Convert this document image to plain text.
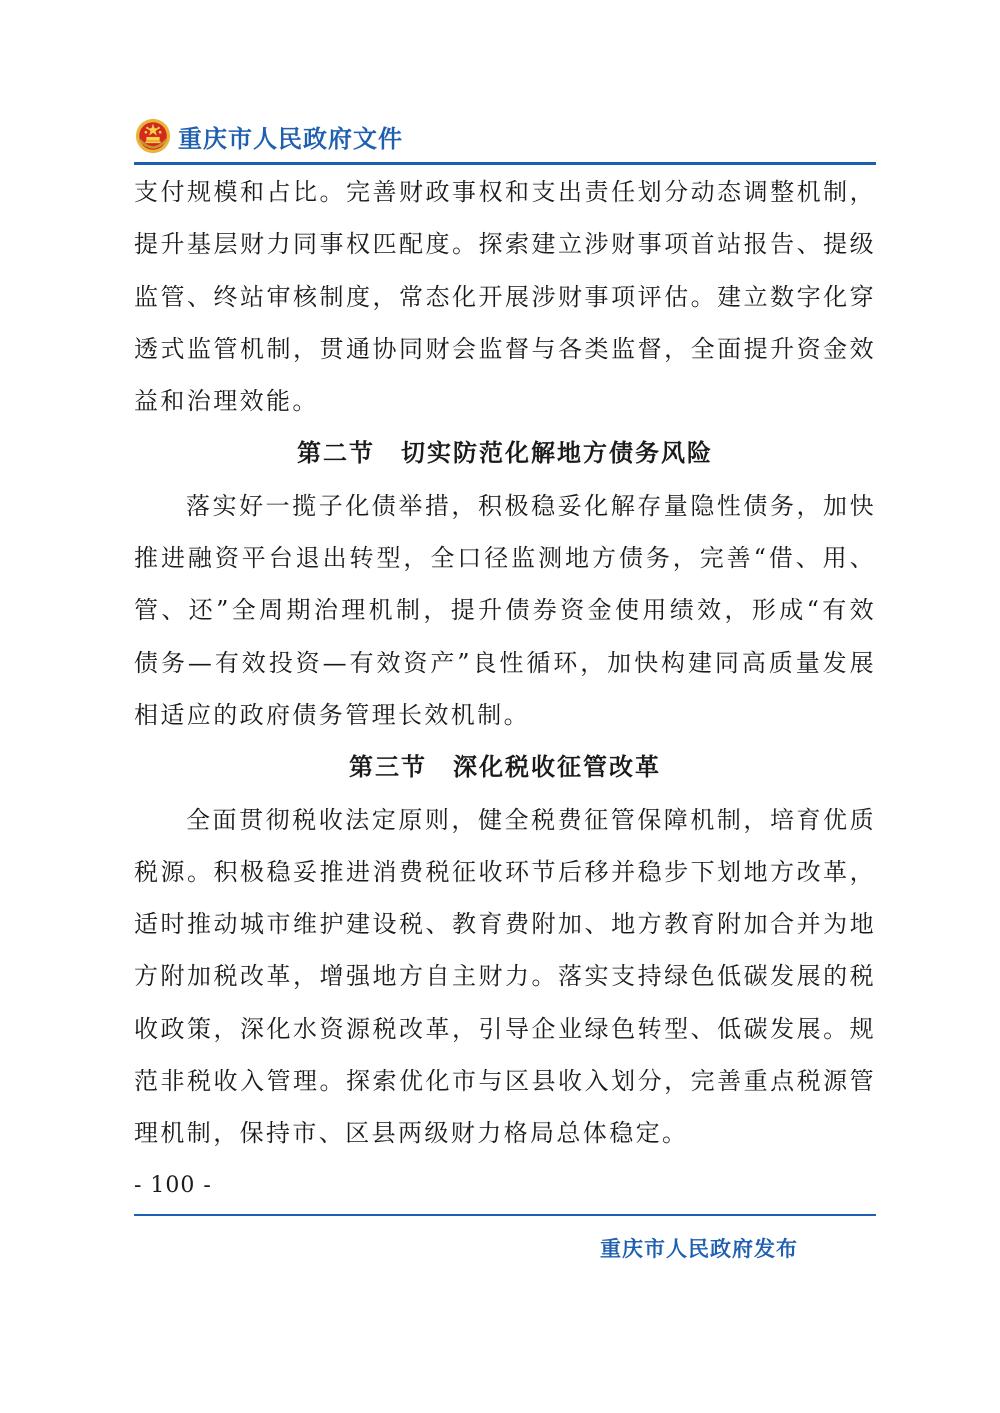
重庆市人民政府文件

支付规模和占比。完善财政事权和支出责任划分动态调整机制，提升基层财力同事权匹配度。探索建立涉财事项首站报告、提级监管、终站审核制度，常态化开展涉财事项评估。建立数字化穿透式监管机制，贯通协同财会监督与各类监督，全面提升资金效益和治理效能。

第二节　切实防范化解地方债务风险

落实好一揽子化债举措，积极稳妥化解存量隐性债务，加快推进融资平台退出转型，全口径监测地方债务，完善“借、用、管、还”全周期治理机制，提升债券资金使用绩效，形成“有效债务—有效投资—有效资产”良性循环，加快构建同高质量发展相适应的政府债务管理长效机制。

第三节　深化税收征管改革

全面贯彻税收法定原则，健全税费征管保障机制，培育优质税源。积极稳妥推进消费税征收环节后移并稳步下划地方改革，适时推动城市维护建设税、教育费附加、地方教育附加合并为地方附加税改革，增强地方自主财力。落实支持绿色低碳发展的税收政策，深化水资源税改革，引导企业绿色转型、低碳发展。规范非税收入管理。探索优化市与区县收入划分，完善重点税源管理机制，保持市、区县两级财力格局总体稳定。

- 100 -
重庆市人民政府发布
